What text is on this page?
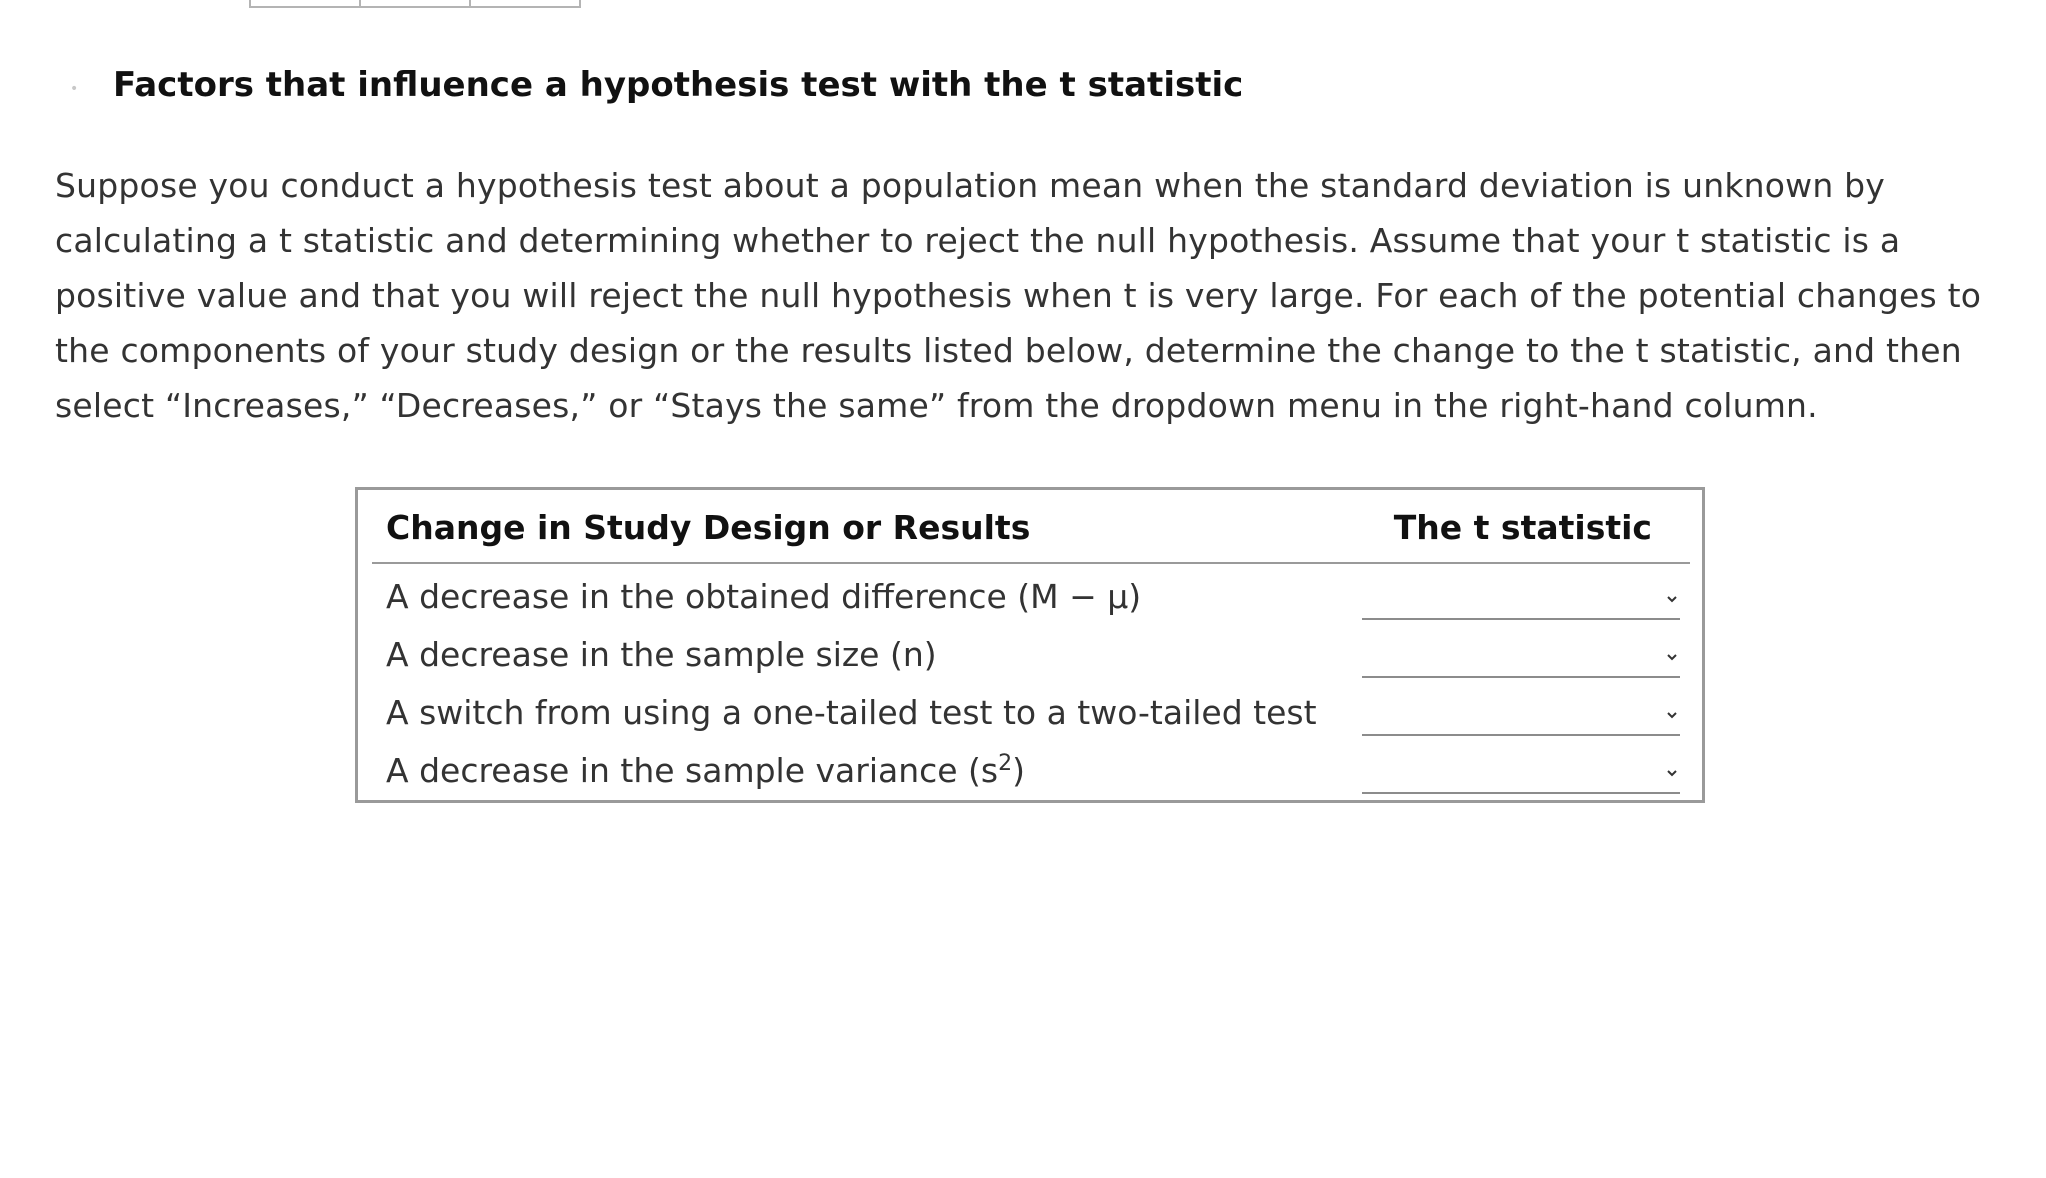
• Factors that influence a hypothesis test with the t statistic

Suppose you conduct a hypothesis test about a population mean when the standard deviation is unknown by calculating a t statistic and determining whether to reject the null hypothesis. Assume that your t statistic is a positive value and that you will reject the null hypothesis when t is very large. For each of the potential changes to the components of your study design or the results listed below, determine the change to the t statistic, and then select “Increases,” “Decreases,” or “Stays the same” from the dropdown menu in the right-hand column.

Change in Study Design or Results	The t statistic
A decrease in the obtained difference (M − μ)
A decrease in the sample size (n)
A switch from using a one-tailed test to a two-tailed test
A decrease in the sample variance $(s^2)$
